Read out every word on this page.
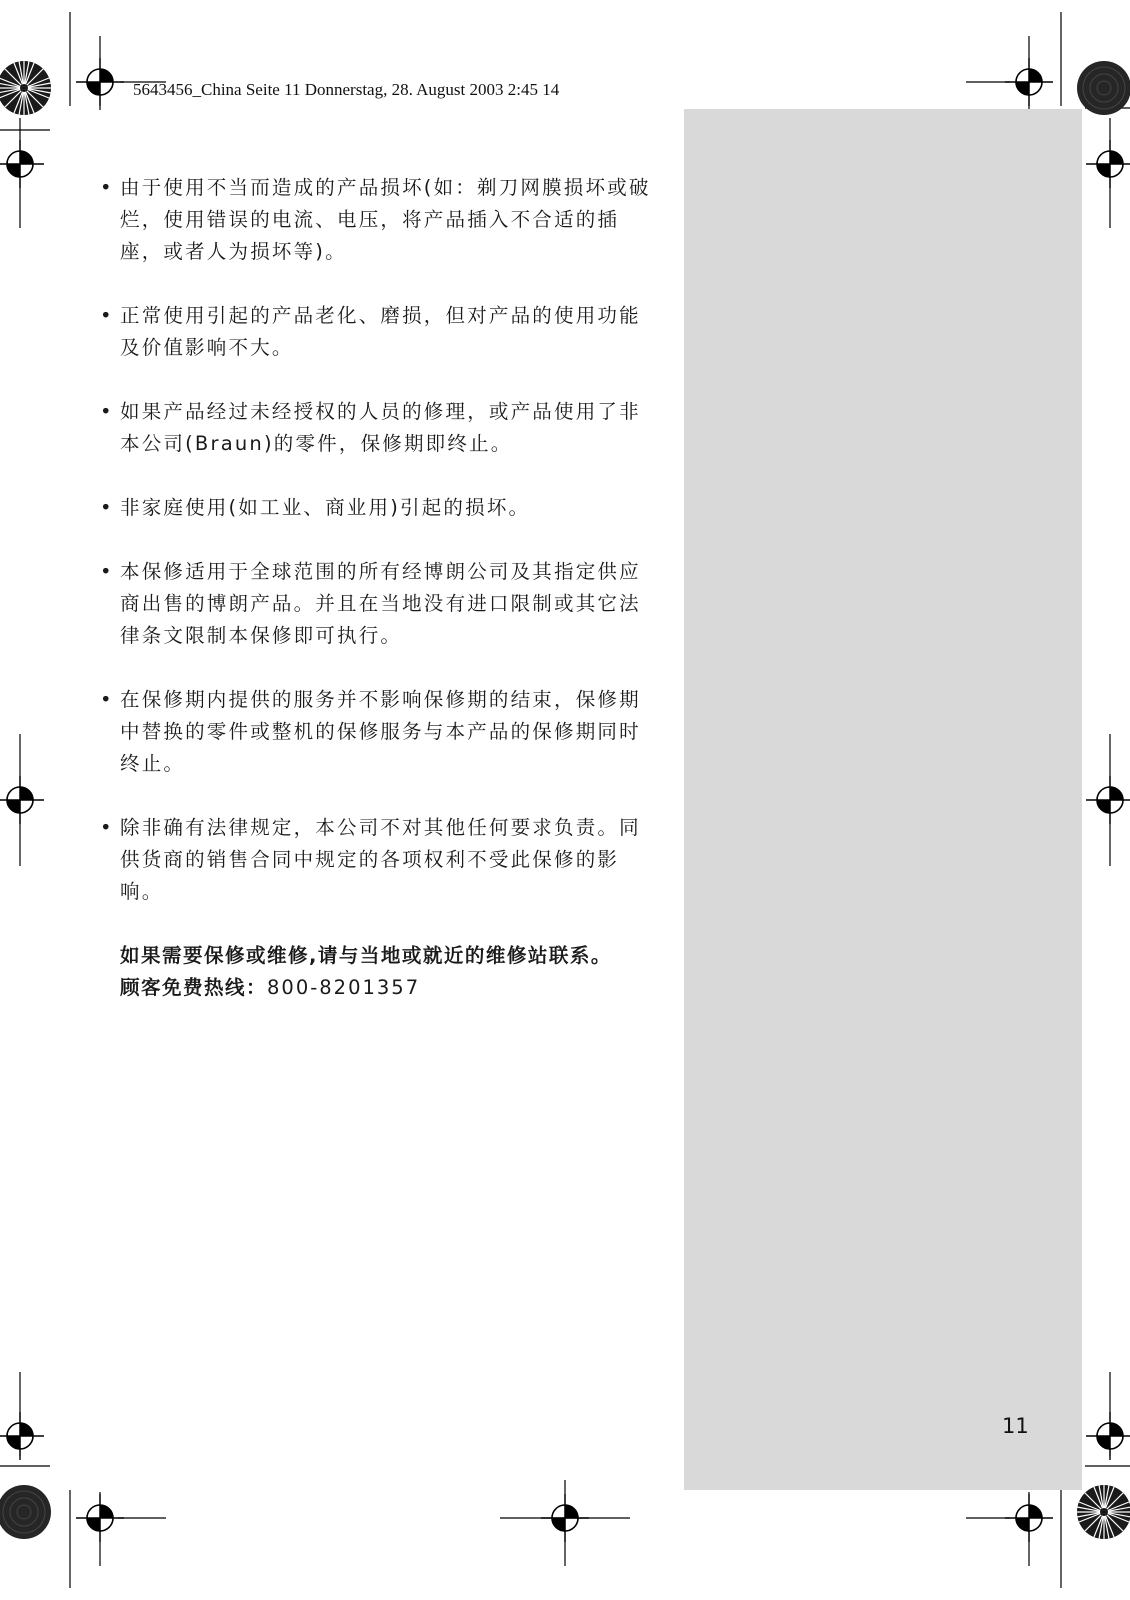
5643456_China Seite 11 Donnerstag, 28. August 2003 2:45 14
• 由于使用不当而造成的产品损坏(如：剃刀网膜损坏或破烂，使用错误的电流、电压，将产品插入不合适的插座，或者人为损坏等)。
• 正常使用引起的产品老化、磨损，但对产品的使用功能及价值影响不大。
• 如果产品经过未经授权的人员的修理，或产品使用了非本公司(Braun)的零件，保修期即终止。
• 非家庭使用(如工业、商业用)引起的损坏。
• 本保修适用于全球范围的所有经博朗公司及其指定供应商出售的博朗产品。并且在当地没有进口限制或其它法律条文限制本保修即可执行。
• 在保修期内提供的服务并不影响保修期的结束，保修期中替换的零件或整机的保修服务与本产品的保修期同时终止。
• 除非确有法律规定，本公司不对其他任何要求负责。同供货商的销售合同中规定的各项权利不受此保修的影响。
如果需要保修或维修,请与当地或就近的维修站联系。
顾客免费热线：800-8201357
11
